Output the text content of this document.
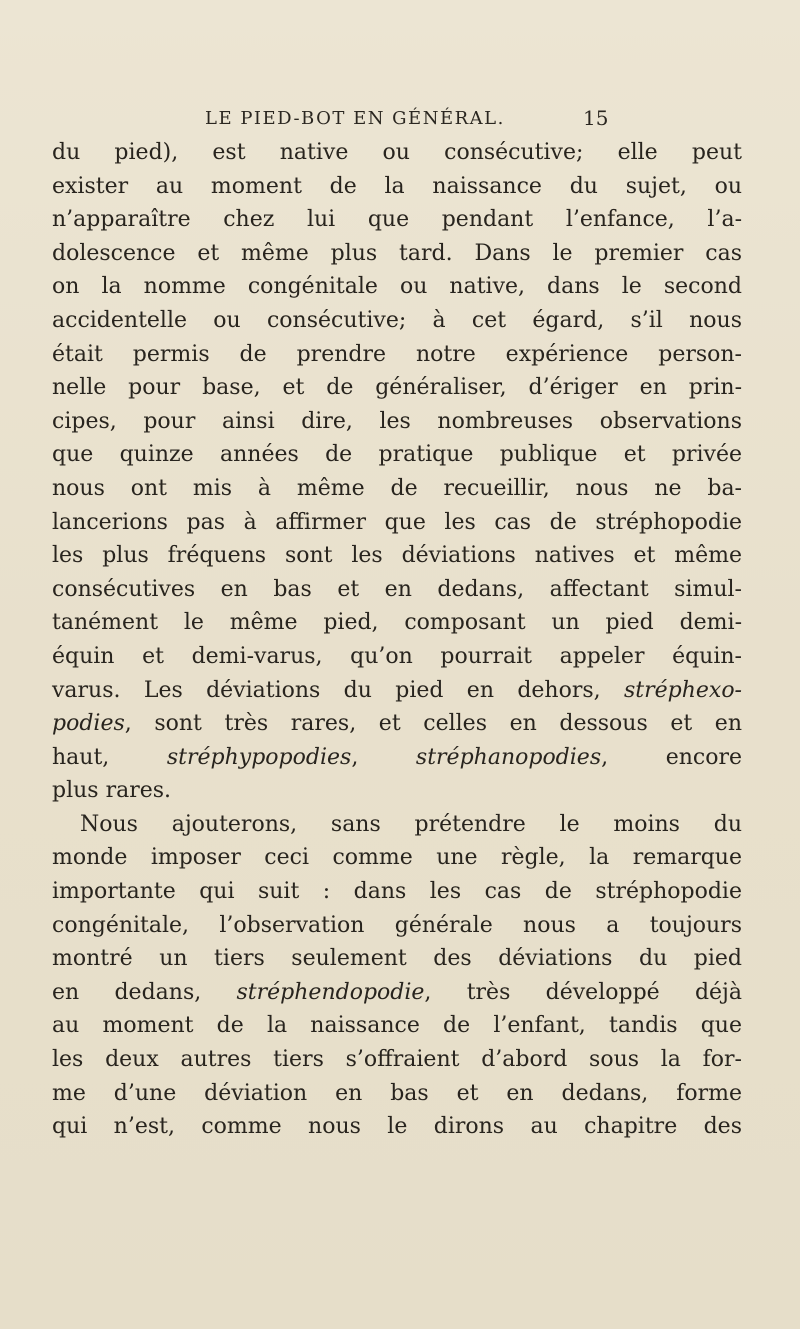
LE PIED-BOT EN GÉNÉRAL.	15
du pied), est native ou consécutive; elle peut
exister au moment de la naissance du sujet, ou
n’apparaître chez lui que pendant l’enfance, l’a-
dolescence et même plus tard. Dans le premier cas
on la nomme congénitale ou native, dans le second
accidentelle ou consécutive; à cet égard, s’il nous
était permis de prendre notre expérience person-
nelle pour base, et de généraliser, d’ériger en prin-
cipes, pour ainsi dire, les nombreuses observations
que quinze années de pratique publique et privée
nous ont mis à même de recueillir, nous ne ba-
lancerions pas à affirmer que les cas de stréphopodie
les plus fréquens sont les déviations natives et même
consécutives en bas et en dedans, affectant simul-
tanément le même pied, composant un pied demi-
équin et demi-varus, qu’on pourrait appeler équin-
varus. Les déviations du pied en dehors, stréphexo-
podies, sont très rares, et celles en dessous et en
haut, stréphypopodies, stréphanopodies, encore
plus rares.
Nous ajouterons, sans prétendre le moins du
monde imposer ceci comme une règle, la remarque
importante qui suit : dans les cas de stréphopodie
congénitale, l’observation générale nous a toujours
montré un tiers seulement des déviations du pied
en dedans, stréphendopodie, très développé déjà
au moment de la naissance de l’enfant, tandis que
les deux autres tiers s’offraient d’abord sous la for-
me d’une déviation en bas et en dedans, forme
qui n’est, comme nous le dirons au chapitre des
